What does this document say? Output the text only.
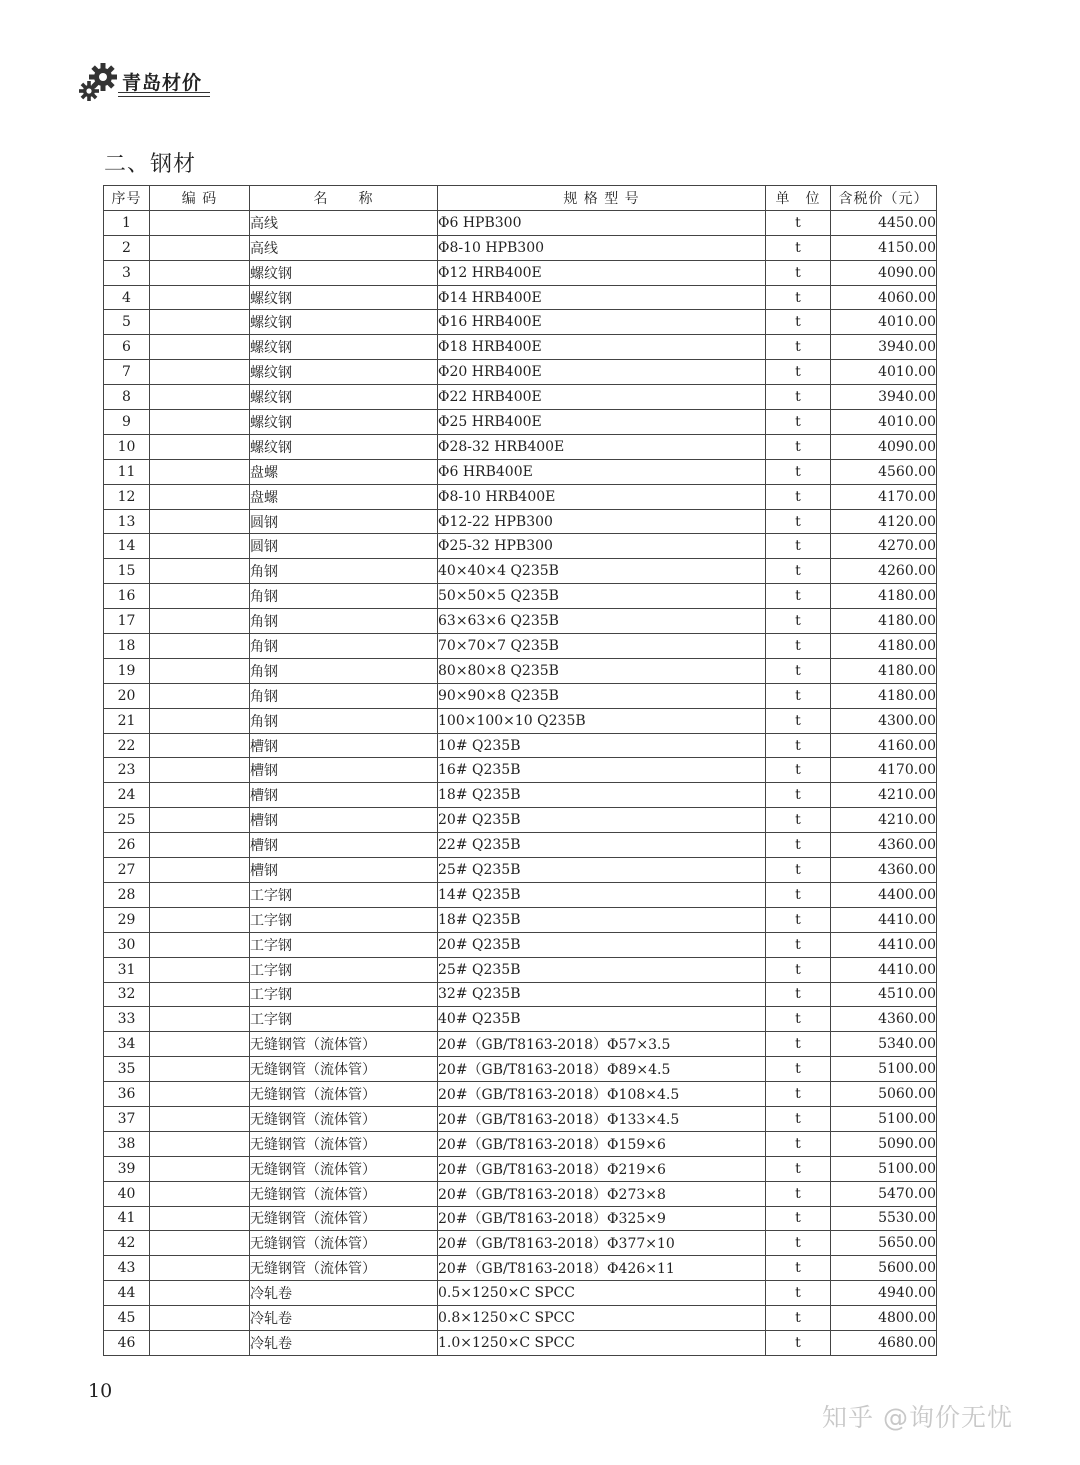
青岛材价
二、钢材
序号	编 码	名　　称	规 格 型 号	单　位	含税价（元）
1		高线	Φ6 HPB300	t	4450.00
2		高线	Φ8-10 HPB300	t	4150.00
3		螺纹钢	Φ12 HRB400E	t	4090.00
4		螺纹钢	Φ14 HRB400E	t	4060.00
5		螺纹钢	Φ16 HRB400E	t	4010.00
6		螺纹钢	Φ18 HRB400E	t	3940.00
7		螺纹钢	Φ20 HRB400E	t	4010.00
8		螺纹钢	Φ22 HRB400E	t	3940.00
9		螺纹钢	Φ25 HRB400E	t	4010.00
10		螺纹钢	Φ28-32 HRB400E	t	4090.00
11		盘螺	Φ6 HRB400E	t	4560.00
12		盘螺	Φ8-10 HRB400E	t	4170.00
13		圆钢	Φ12-22 HPB300	t	4120.00
14		圆钢	Φ25-32 HPB300	t	4270.00
15		角钢	40×40×4 Q235B	t	4260.00
16		角钢	50×50×5 Q235B	t	4180.00
17		角钢	63×63×6 Q235B	t	4180.00
18		角钢	70×70×7 Q235B	t	4180.00
19		角钢	80×80×8 Q235B	t	4180.00
20		角钢	90×90×8 Q235B	t	4180.00
21		角钢	100×100×10 Q235B	t	4300.00
22		槽钢	10# Q235B	t	4160.00
23		槽钢	16# Q235B	t	4170.00
24		槽钢	18# Q235B	t	4210.00
25		槽钢	20# Q235B	t	4210.00
26		槽钢	22# Q235B	t	4360.00
27		槽钢	25# Q235B	t	4360.00
28		工字钢	14# Q235B	t	4400.00
29		工字钢	18# Q235B	t	4410.00
30		工字钢	20# Q235B	t	4410.00
31		工字钢	25# Q235B	t	4410.00
32		工字钢	32# Q235B	t	4510.00
33		工字钢	40# Q235B	t	4360.00
34		无缝钢管（流体管）	20#（GB/T8163-2018）Φ57×3.5	t	5340.00
35		无缝钢管（流体管）	20#（GB/T8163-2018）Φ89×4.5	t	5100.00
36		无缝钢管（流体管）	20#（GB/T8163-2018）Φ108×4.5	t	5060.00
37		无缝钢管（流体管）	20#（GB/T8163-2018）Φ133×4.5	t	5100.00
38		无缝钢管（流体管）	20#（GB/T8163-2018）Φ159×6	t	5090.00
39		无缝钢管（流体管）	20#（GB/T8163-2018）Φ219×6	t	5100.00
40		无缝钢管（流体管）	20#（GB/T8163-2018）Φ273×8	t	5470.00
41		无缝钢管（流体管）	20#（GB/T8163-2018）Φ325×9	t	5530.00
42		无缝钢管（流体管）	20#（GB/T8163-2018）Φ377×10	t	5650.00
43		无缝钢管（流体管）	20#（GB/T8163-2018）Φ426×11	t	5600.00
44		冷轧卷	0.5×1250×C SPCC	t	4940.00
45		冷轧卷	0.8×1250×C SPCC	t	4800.00
46		冷轧卷	1.0×1250×C SPCC	t	4680.00
10
知乎 @询价无忧
